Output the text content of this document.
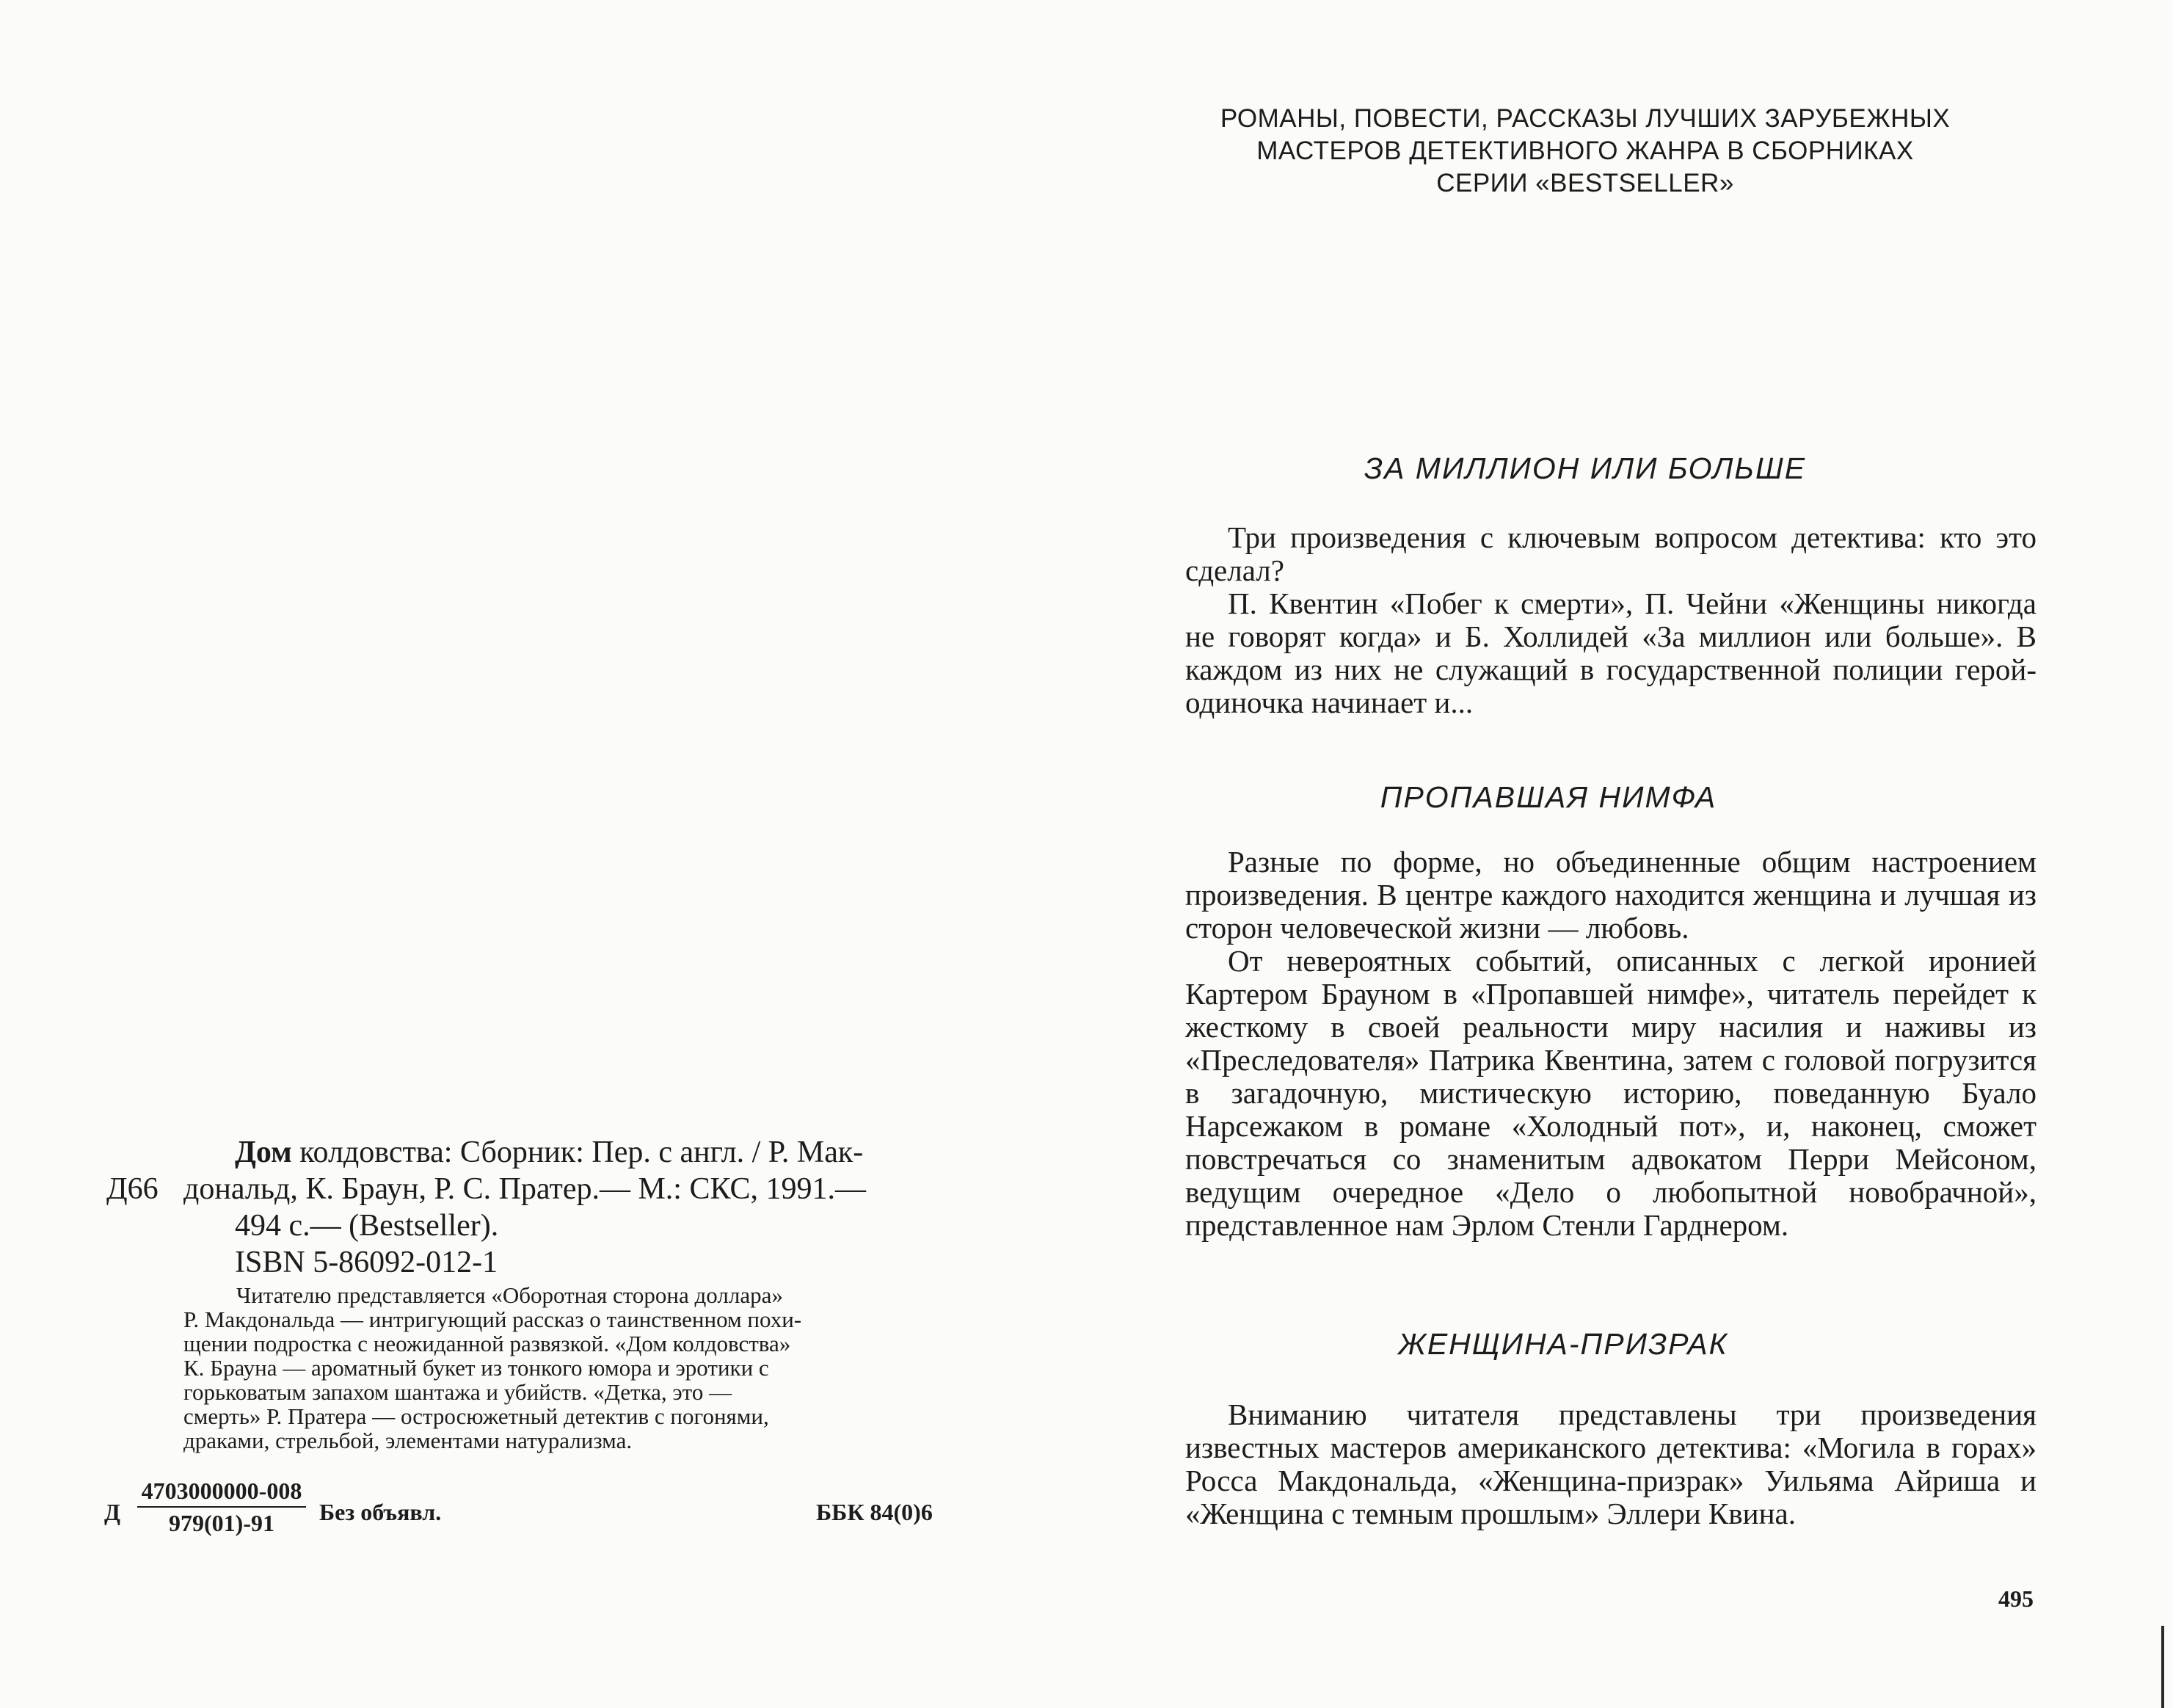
Д66
Дом колдовства: Сборник: Пер. с англ. / Р. Мак-
дональд, К. Браун, Р. С. Пратер.— М.: СКС, 1991.—
494 с.— (Bestseller).
ISBN 5-86092-012-1
Читателю представляется «Оборотная сторона доллара»
Р. Макдональда — интригующий рассказ о таинственном похи-
щении подростка с неожиданной развязкой. «Дом колдовства»
К. Брауна — ароматный букет из тонкого юмора и эротики с
горьковатым запахом шантажа и убийств. «Детка, это —
смерть» Р. Пратера — остросюжетный детектив с погонями,
драками, стрельбой, элементами натурализма.
Д $\frac{4703000000-008}{979(01)-91}$ Без объявл.	ББК 84(0)6
РОМАНЫ, ПОВЕСТИ, РАССКАЗЫ ЛУЧШИХ ЗАРУБЕЖНЫХ
МАСТЕРОВ ДЕТЕКТИВНОГО ЖАНРА В СБОРНИКАХ
СЕРИИ «BESTSELLER»
ЗА МИЛЛИОН ИЛИ БОЛЬШЕ

Три произведения с ключевым вопросом детектива: кто это сделал?

П. Квентин «Побег к смерти», П. Чейни «Женщины никогда не говорят когда» и Б. Холлидей «За миллион или больше». В каждом из них не служащий в государственной полиции герой-одиночка начинает и...

ПРОПАВШАЯ НИМФА

Разные по форме, но объединенные общим настроением произведения. В центре каждого находится женщина и лучшая из сторон человеческой жизни — любовь.

От невероятных событий, описанных с легкой иронией Картером Брауном в «Пропавшей нимфе», читатель перейдет к жесткому в своей реальности миру насилия и наживы из «Преследователя» Патрика Квентина, затем с головой погрузится в загадочную, мистическую историю, поведанную Буало Нарсежаком в романе «Холодный пот», и, наконец, сможет повстречаться со знаменитым адвокатом Перри Мейсоном, ведущим очередное «Дело о любопытной новобрачной», представленное нам Эрлом Стенли Гарднером.

ЖЕНЩИНА-ПРИЗРАК

Вниманию читателя представлены три произведения известных мастеров американского детектива: «Могила в горах» Росса Макдональда, «Женщина-призрак» Уильяма Айриша и «Женщина с темным прошлым» Эллери Квина.

495
